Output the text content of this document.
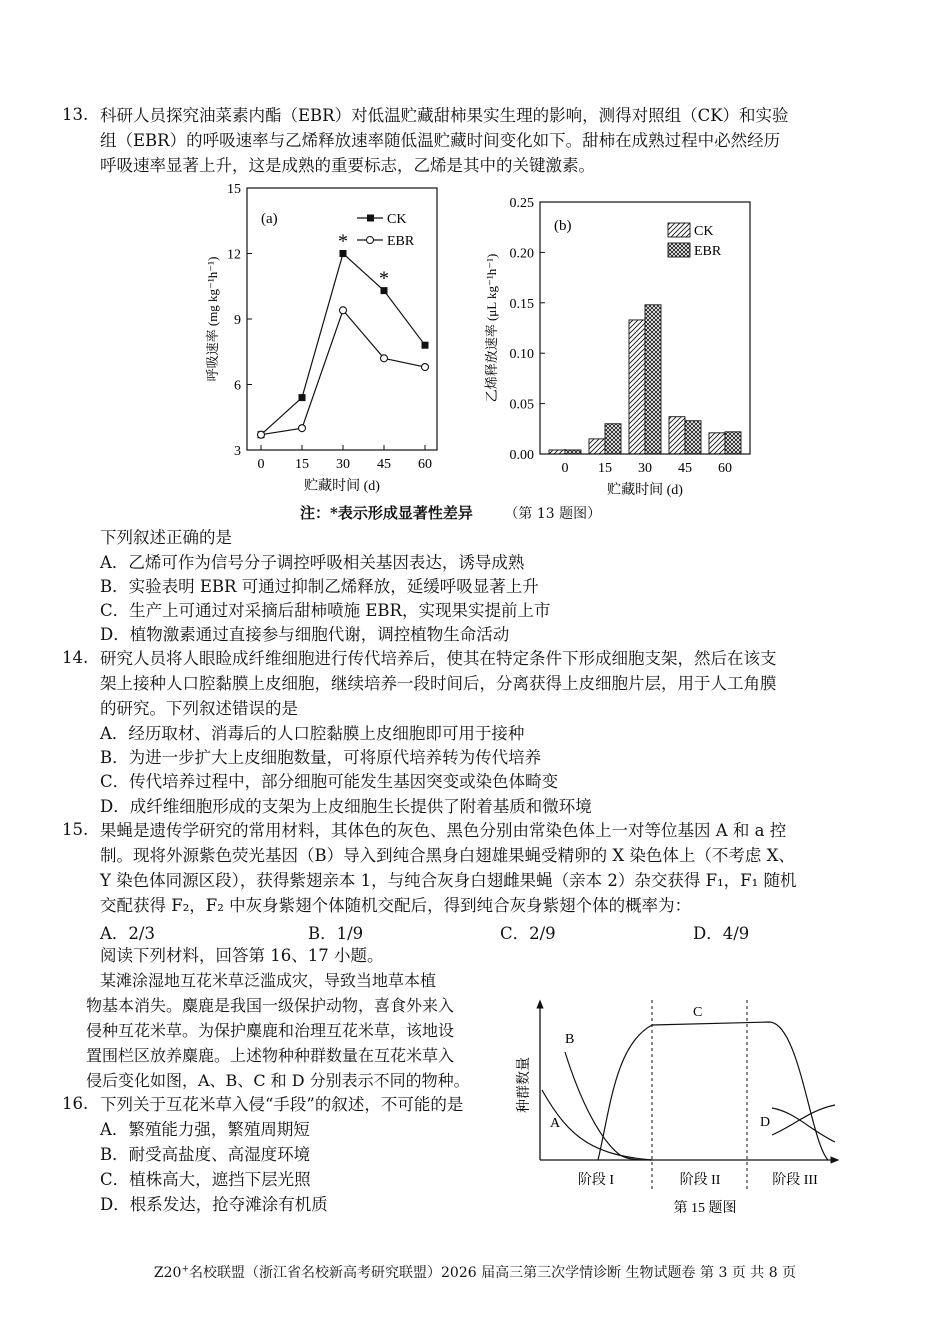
13. 科研人员探究油菜素内酯（EBR）对低温贮藏甜柿果实生理的影响，测得对照组（CK）和实验
组（EBR）的呼吸速率与乙烯释放速率随低温贮藏时间变化如下。甜柿在成熟过程中必然经历
呼吸速率显著上升，这是成熟的重要标志，乙烯是其中的关键激素。
3
6
9
12
15
0 15 30 45 60
贮藏时间 (d)
呼吸速率 (mg kg⁻¹h⁻¹)
(a)
*
*
CK
EBR
0.00
0.05
0.10
0.15
0.20
0.25
0 15 30 45 60
贮藏时间 (d)
乙烯释放速率 (μL kg⁻¹h⁻¹)
(b)	CK
EBR
注：*表示形成显著性差异 （第 13 题图）
下列叙述正确的是
A．乙烯可作为信号分子调控呼吸相关基因表达，诱导成熟
B．实验表明 EBR 可通过抑制乙烯释放，延缓呼吸显著上升
C．生产上可通过对采摘后甜柿喷施 EBR，实现果实提前上市
D．植物激素通过直接参与细胞代谢，调控植物生命活动
14. 研究人员将人眼睑成纤维细胞进行传代培养后，使其在特定条件下形成细胞支架，然后在该支
架上接种人口腔黏膜上皮细胞，继续培养一段时间后，分离获得上皮细胞片层，用于人工角膜
的研究。下列叙述错误的是
A．经历取材、消毒后的人口腔黏膜上皮细胞即可用于接种
B．为进一步扩大上皮细胞数量，可将原代培养转为传代培养
C．传代培养过程中，部分细胞可能发生基因突变或染色体畸变
D．成纤维细胞形成的支架为上皮细胞生长提供了附着基质和微环境
15. 果蝇是遗传学研究的常用材料，其体色的灰色、黑色分别由常染色体上一对等位基因 A 和 a 控
制。现将外源紫色荧光基因（B）导入到纯合黑身白翅雄果蝇受精卵的 X 染色体上（不考虑 X、
Y 染色体同源区段），获得紫翅亲本 1，与纯合灰身白翅雌果蝇（亲本 2）杂交获得 F₁，F₁ 随机
交配获得 F₂，F₂ 中灰身紫翅个体随机交配后，得到纯合灰身紫翅个体的概率为：
A．2/3	B．1/9	C．2/9	D．4/9
阅读下列材料，回答第 16、17 小题。
某滩涂湿地互花米草泛滥成灾，导致当地草本植
物基本消失。麋鹿是我国一级保护动物，喜食外来入
侵种互花米草。为保护麋鹿和治理互花米草，该地设
置围栏区放养麋鹿。上述物种种群数量在互花米草入
侵后变化如图，A、B、C 和 D 分别表示不同的物种。
16. 下列关于互花米草入侵“手段”的叙述，不可能的是
A．繁殖能力强，繁殖周期短
B．耐受高盐度、高湿度环境
C．植株高大，遮挡下层光照
D．根系发达，抢夺滩涂有机质
种群数量
A
B
C
D
阶段 I	阶段 II	阶段 III
第 15 题图
Z20+名校联盟（浙江省名校新高考研究联盟）2026 届高三第三次学情诊断 生物试题卷 第 3 页 共 8 页
